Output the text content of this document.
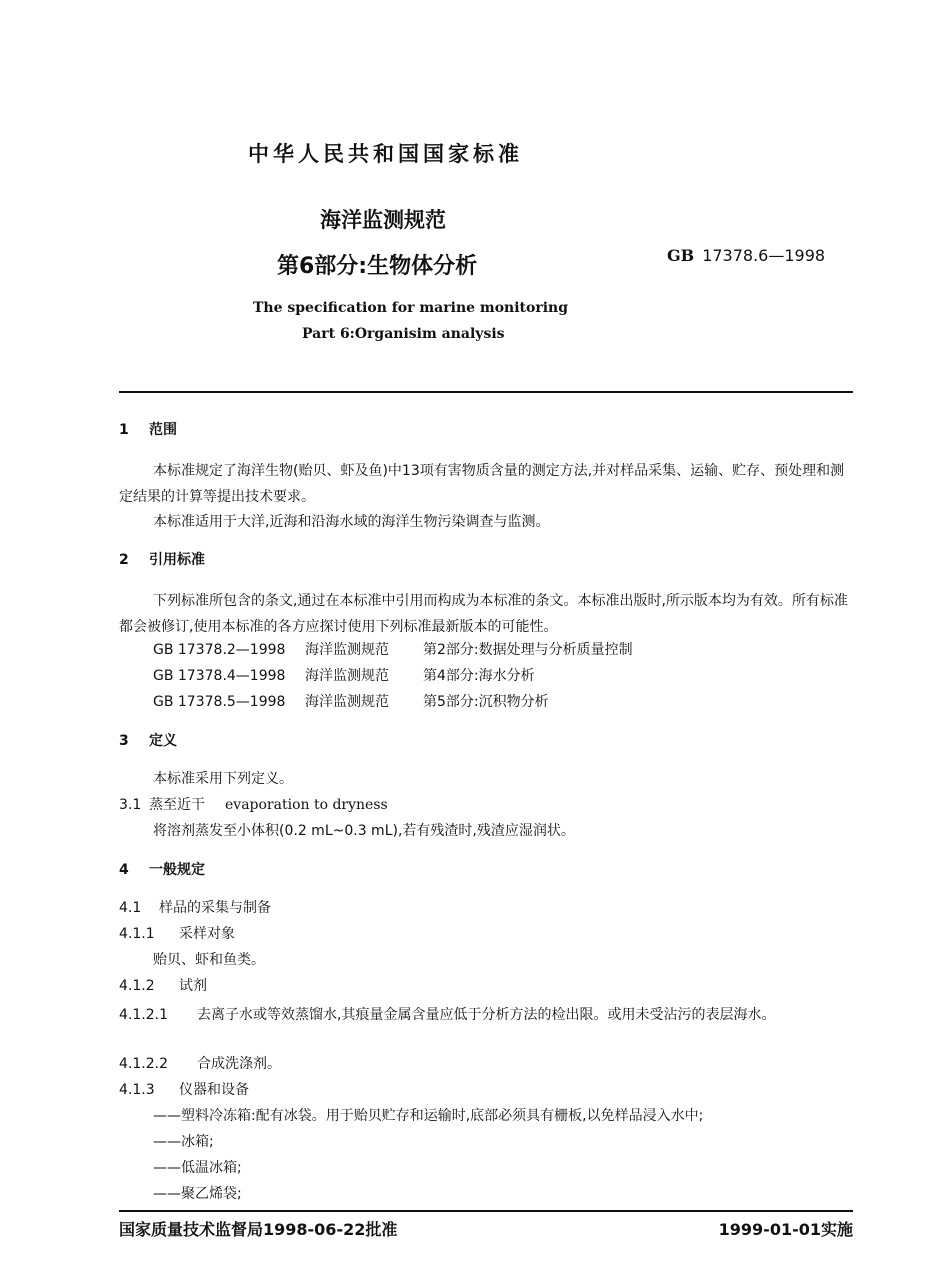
中华人民共和国国家标准
海洋监测规范
第6部分:生物体分析	GB 17378.6—1998
The specification for marine monitoring
Part 6:Organisim analysis
1 范围
本标准规定了海洋生物(贻贝、虾及鱼)中13项有害物质含量的测定方法,并对样品采集、运输、贮存、预处理和测定结果的计算等提出技术要求。
本标准适用于大洋,近海和沿海水域的海洋生物污染调查与监测。
2 引用标准
下列标准所包含的条文,通过在本标准中引用而构成为本标准的条文。本标准出版时,所示版本均为有效。所有标准都会被修订,使用本标准的各方应探讨使用下列标准最新版本的可能性。
GB 17378.2—1998 海洋监测规范 第2部分:数据处理与分析质量控制
GB 17378.4—1998 海洋监测规范 第4部分:海水分析
GB 17378.5—1998 海洋监测规范 第5部分:沉积物分析
3 定义
本标准采用下列定义。
3.1 蒸至近干 evaporation to dryness
将溶剂蒸发至小体积(0.2 mL~0.3 mL),若有残渣时,残渣应湿润状。
4 一般规定
4.1 样品的采集与制备
4.1.1 采样对象
贻贝、虾和鱼类。
4.1.2 试剂
4.1.2.1 去离子水或等效蒸馏水,其痕量金属含量应低于分析方法的检出限。或用未受沾污的表层海水。
4.1.2.2 合成洗涤剂。
4.1.3 仪器和设备
——塑料冷冻箱:配有冰袋。用于贻贝贮存和运输时,底部必须具有栅板,以免样品浸入水中;
——冰箱;
——低温冰箱;
——聚乙烯袋;
国家质量技术监督局1998-06-22批准	1999-01-01实施
